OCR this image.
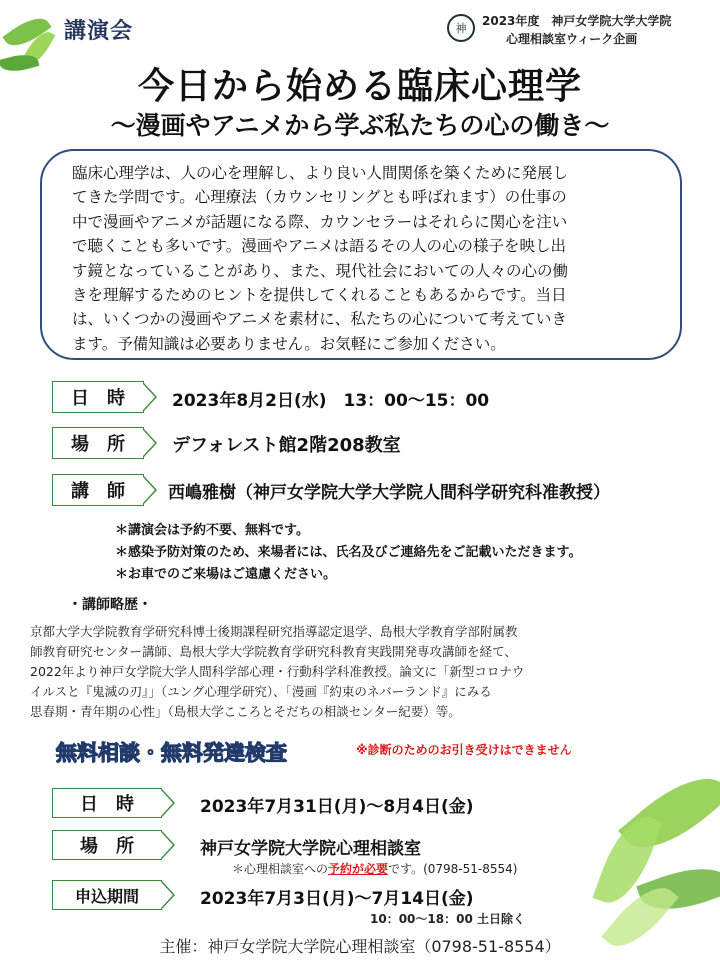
講演会	神
2023年度　神戸女学院大学大学院
心理相談室ウィーク企画
今日から始める臨床心理学
～漫画やアニメから学ぶ私たちの心の働き～

臨床心理学は、人の心を理解し、より良い人間関係を築くために発展し
てきた学問です。心理療法（カウンセリングとも呼ばれます）の仕事の
中で漫画やアニメが話題になる際、カウンセラーはそれらに関心を注い
で聴くことも多いです。漫画やアニメは語るその人の心の様子を映し出
す鏡となっていることがあり、また、現代社会においての人々の心の働
きを理解するためのヒントを提供してくれることもあるからです。当日
は、いくつかの漫画やアニメを素材に、私たちの心について考えていき
ます。予備知識は必要ありません。お気軽にご参加ください。

日　時	2023年8月2日(水)　13：00～15：00
場　所	デフォレスト館2階208教室
講　師	西嶋雅樹（神戸女学院大学大学院人間科学研究科准教授）
＊講演会は予約不要、無料です。
＊感染予防対策のため、来場者には、氏名及びご連絡先をご記載いただきます。
＊お車でのご来場はご遠慮ください。
・講師略歴・

京都大学大学院教育学研究科博士後期課程研究指導認定退学、島根大学教育学部附属教
師教育研究センター講師、島根大学大学院教育学研究科教育実践開発専攻講師を経て、
2022年より神戸女学院大学人間科学部心理・行動科学科准教授。論文に「新型コロナウ
イルスと『鬼滅の刃』」（ユング心理学研究）、「漫画『約束のネバーランド』にみる
思春期・青年期の心性」（島根大学こころとそだちの相談センター紀要）等。

無料相談・無料発達検査	※診断のためのお引き受けはできません
日　時	2023年7月31日(月)～8月4日(金)
場　所	神戸女学院大学院心理相談室
＊心理相談室への予約が必要です。(0798-51-8554)
申込期間	2023年7月3日(月)～7月14日(金)
10：00～18：00 土日除く
主催：神戸女学院大学院心理相談室（0798-51-8554）
